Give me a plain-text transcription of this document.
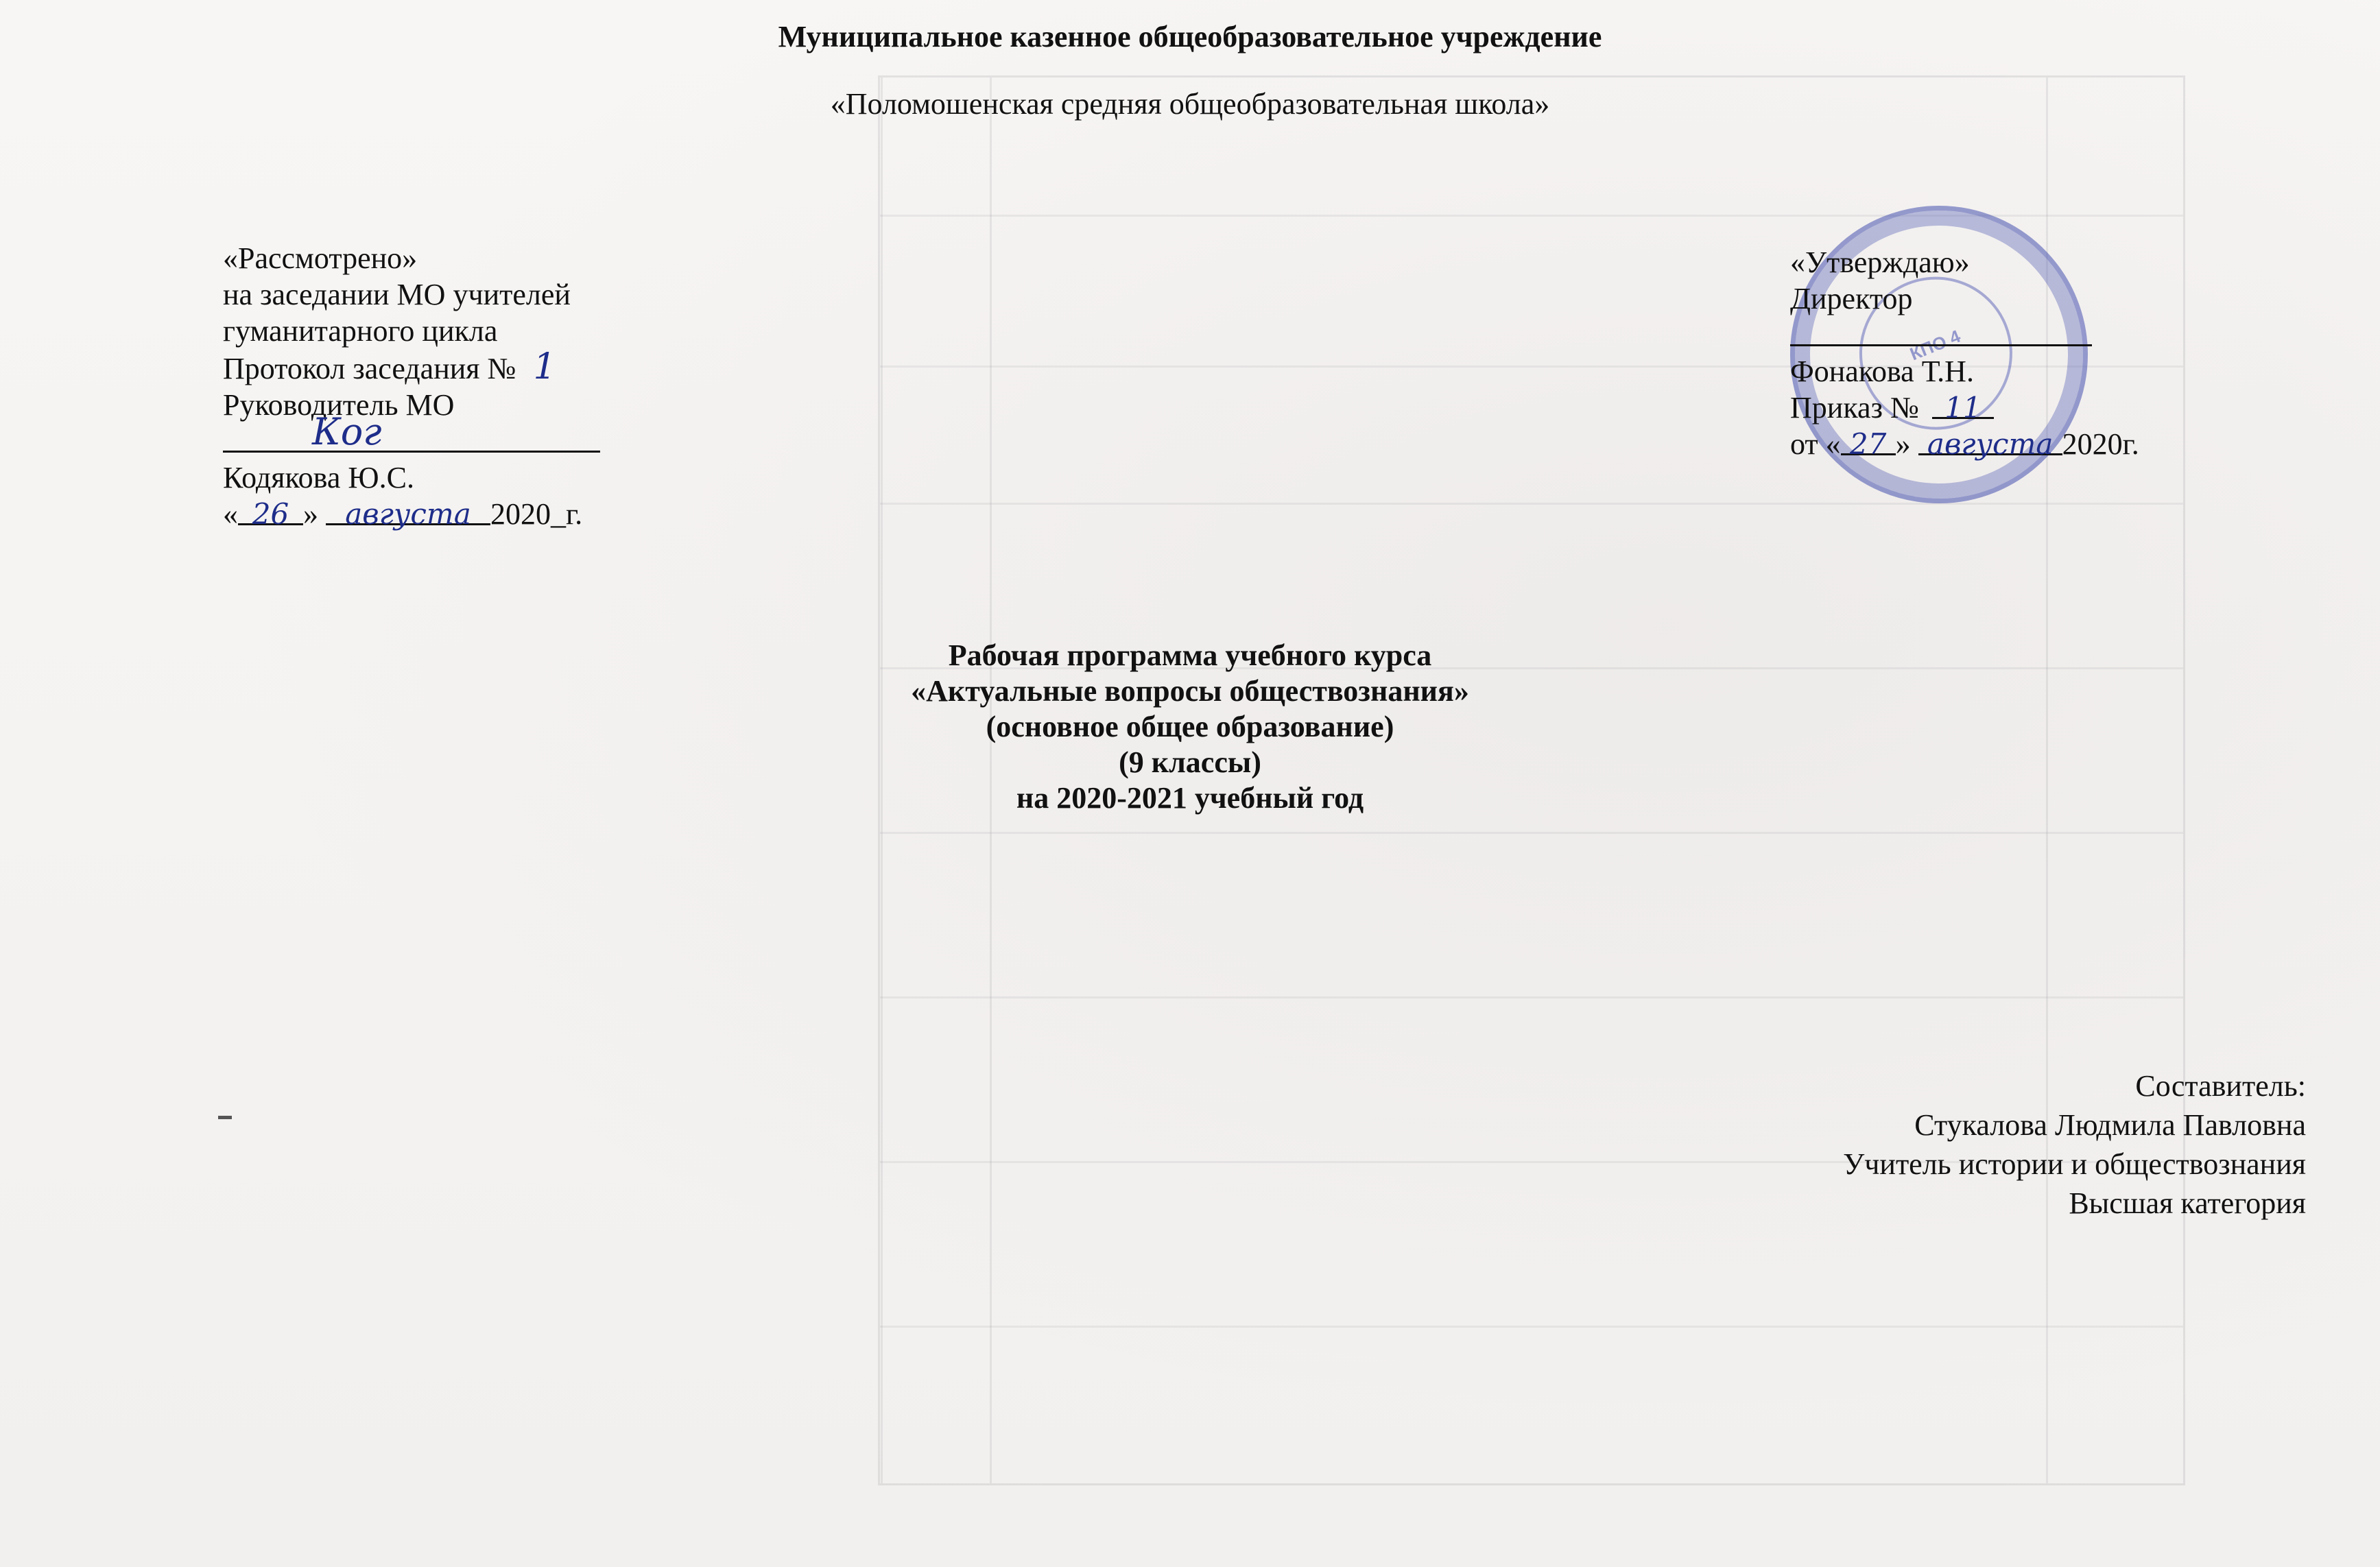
Муниципальное казенное общеобразовательное учреждение
«Поломошенская средняя общеобразовательная школа»
«Рассмотрено»
на заседании МО учителей
гуманитарного цикла
Протокол заседания № 1
Руководитель МО
Ког
Кодякова Ю.С.
« 26 » августа 2020_г.
КПО 4
«Утверждаю»
Директор
Фонакова Т.Н.
Приказ № 11
от « 27 » августа 2020г.
Рабочая программа учебного курса
«Актуальные вопросы обществознания»
(основное общее образование)
(9 классы)
на 2020-2021 учебный год
Составитель:
Стукалова Людмила Павловна
Учитель истории и обществознания
Высшая категория
